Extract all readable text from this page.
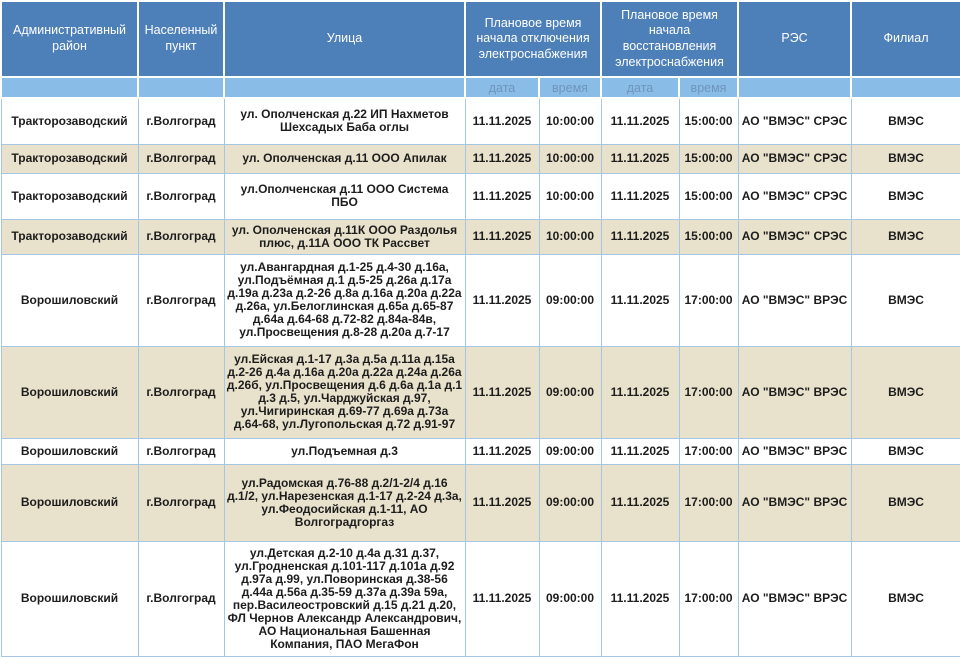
Административный район	Населенный пункт	Улица	Плановое время начала отключения электроснабжения		Плановое время начала восстановления электроснабжения		РЭС	Филиал
			дата	время	дата	время		
Тракторозаводский	г.Волгоград	ул. Ополченская д.22 ИП Нахметов Шехсадых Баба оглы	11.11.2025	10:00:00	11.11.2025	15:00:00	АО "ВМЭС" СРЭС	ВМЭС
Тракторозаводский	г.Волгоград	ул. Ополченская д.11 ООО Апилак	11.11.2025	10:00:00	11.11.2025	15:00:00	АО "ВМЭС" СРЭС	ВМЭС
Тракторозаводский	г.Волгоград	ул.Ополченская д.11 ООО Система ПБО	11.11.2025	10:00:00	11.11.2025	15:00:00	АО "ВМЭС" СРЭС	ВМЭС
Тракторозаводский	г.Волгоград	ул. Ополченская д.11К ООО Раздолья плюс, д.11А ООО ТК Рассвет	11.11.2025	10:00:00	11.11.2025	15:00:00	АО "ВМЭС" СРЭС	ВМЭС
Ворошиловский	г.Волгоград	ул.Авангардная д.1-25 д.4-30 д.16а, ул.Подъёмная д.1 д.5-25 д.26а д.17а д.19а д.23а д.2-26 д.8а д.16а д.20а д.22а д.26а, ул.Белоглинская д.65а д.65-87 д.64а д.64-68 д.72-82 д.84а-84в, ул.Просвещения д.8-28 д.20а д.7-17	11.11.2025	09:00:00	11.11.2025	17:00:00	АО "ВМЭС" ВРЭС	ВМЭС
Ворошиловский	г.Волгоград	ул.Ейская д.1-17 д.3а д.5а д.11а д.15а д.2-26 д.4а д.16а д.20а д.22а д.24а д.26а д.26б, ул.Просвещения д.6 д.6а д.1а д.1 д.3 д.5, ул.Чарджуйская д.97, ул.Чигиринская д.69-77 д.69а д.73а д.64-68, ул.Лугопольская д.72 д.91-97	11.11.2025	09:00:00	11.11.2025	17:00:00	АО "ВМЭС" ВРЭС	ВМЭС
Ворошиловский	г.Волгоград	ул.Подъемная д.3	11.11.2025	09:00:00	11.11.2025	17:00:00	АО "ВМЭС" ВРЭС	ВМЭС
Ворошиловский	г.Волгоград	ул.Радомская д.76-88 д.2/1-2/4 д.16 д.1/2, ул.Нарезенская д.1-17 д.2-24 д.3а, ул.Феодосийская д.1-11, АО Волгоградгоргаз	11.11.2025	09:00:00	11.11.2025	17:00:00	АО "ВМЭС" ВРЭС	ВМЭС
Ворошиловский	г.Волгоград	ул.Детская д.2-10 д.4а д.31 д.37, ул.Гродненская д.101-117 д.101а д.92 д.97а д.99, ул.Поворинская д.38-56 д.44а д.56а д.35-59 д.37а д.39а 59а, пер.Василеостровский д.15 д.21 д.20, ФЛ Чернов Александр Александрович, АО Национальная Башенная Компания, ПАО МегаФон	11.11.2025	09:00:00	11.11.2025	17:00:00	АО "ВМЭС" ВРЭС	ВМЭС
